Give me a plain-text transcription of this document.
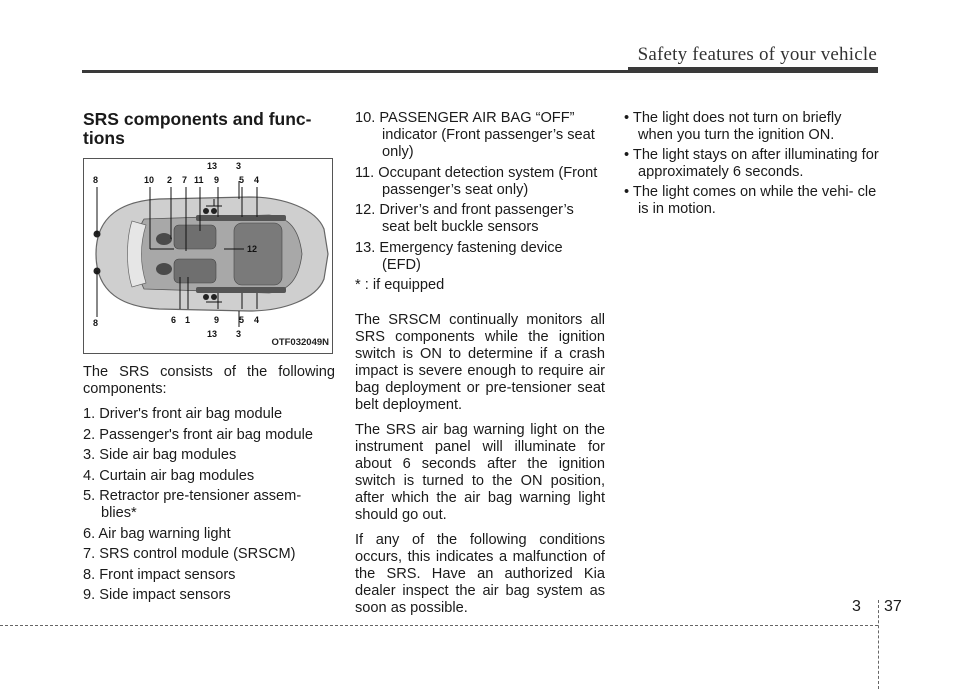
Safety features of your vehicle
SRS components and func-
tions
8	10 2 7 11
13
9
3
5 4
12
8	6 1	9 5 4
13 3
OTF032049N

The SRS consists of the following components:

1. Driver's front air bag module
2. Passenger's front air bag module
3. Side air bag modules
4. Curtain air bag modules
5. Retractor pre-tensioner assem- blies*
6. Air bag warning light
7. SRS control module (SRSCM)
8. Front impact sensors
9. Side impact sensors
10. PASSENGER AIR BAG “OFF” indicator (Front passenger’s seat only)
11. Occupant detection system (Front passenger’s seat only)
12. Driver’s and front passenger’s seat belt buckle sensors
13. Emergency fastening device (EFD)
* : if equipped

The SRSCM continually monitors all SRS components while the ignition switch is ON to determine if a crash impact is severe enough to require air bag deployment or pre-tensioner seat belt deployment.

The SRS air bag warning light on the instrument panel will illuminate for about 6 seconds after the ignition switch is turned to the ON position, after which the air bag warning light should go out.

If any of the following conditions occurs, this indicates a malfunction of the SRS. Have an authorized Kia dealer inspect the air bag system as soon as possible.

• The light does not turn on briefly when you turn the ignition ON.
• The light stays on after illuminating for approximately 6 seconds.
• The light comes on while the vehi- cle is in motion.
3 37
